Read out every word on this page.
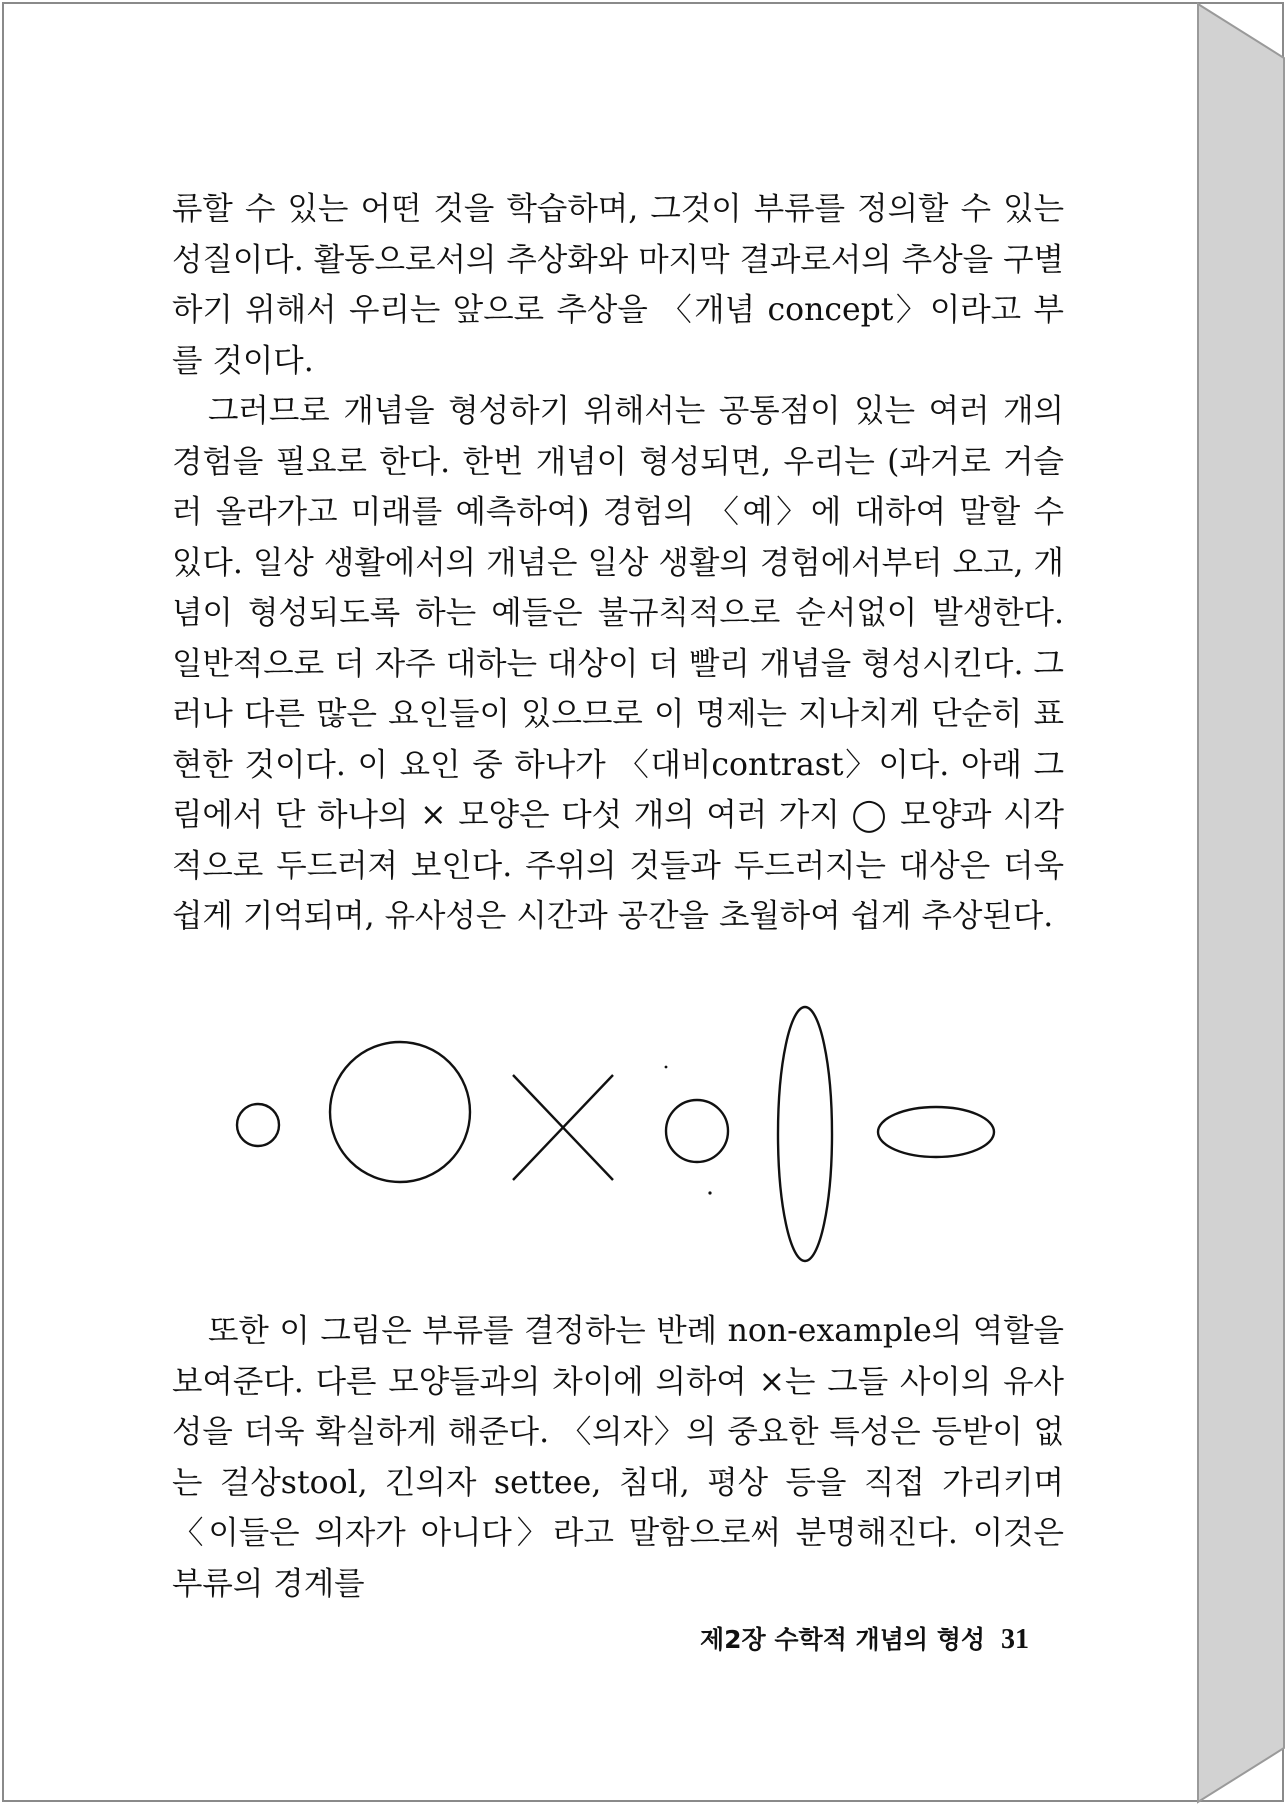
류할 수 있는 어떤 것을 학습하며, 그것이 부류를 정의할 수 있는 성질이다. 활동으로서의 추상화와 마지막 결과로서의 추상을 구별하기 위해서 우리는 앞으로 추상을 〈개념 concept〉이라고 부를 것이다.

그러므로 개념을 형성하기 위해서는 공통점이 있는 여러 개의 경험을 필요로 한다. 한번 개념이 형성되면, 우리는 (과거로 거슬러 올라가고 미래를 예측하여) 경험의 〈예〉에 대하여 말할 수 있다. 일상 생활에서의 개념은 일상 생활의 경험에서부터 오고, 개념이 형성되도록 하는 예들은 불규칙적으로 순서없이 발생한다. 일반적으로 더 자주 대하는 대상이 더 빨리 개념을 형성시킨다. 그러나 다른 많은 요인들이 있으므로 이 명제는 지나치게 단순히 표현한 것이다. 이 요인 중 하나가 〈대비contrast〉이다. 아래 그림에서 단 하나의 × 모양은 다섯 개의 여러 가지 ◯ 모양과 시각적으로 두드러져 보인다. 주위의 것들과 두드러지는 대상은 더욱 쉽게 기억되며, 유사성은 시간과 공간을 초월하여 쉽게 추상된다.

또한 이 그림은 부류를 결정하는 반례 non-example의 역할을 보여준다. 다른 모양들과의 차이에 의하여 ×는 그들 사이의 유사성을 더욱 확실하게 해준다. 〈의자〉의 중요한 특성은 등받이 없는 걸상stool, 긴의자 settee, 침대, 평상 등을 직접 가리키며 〈이들은 의자가 아니다〉라고 말함으로써 분명해진다. 이것은 부류의 경계를

제2장 수학적 개념의 형성 31
